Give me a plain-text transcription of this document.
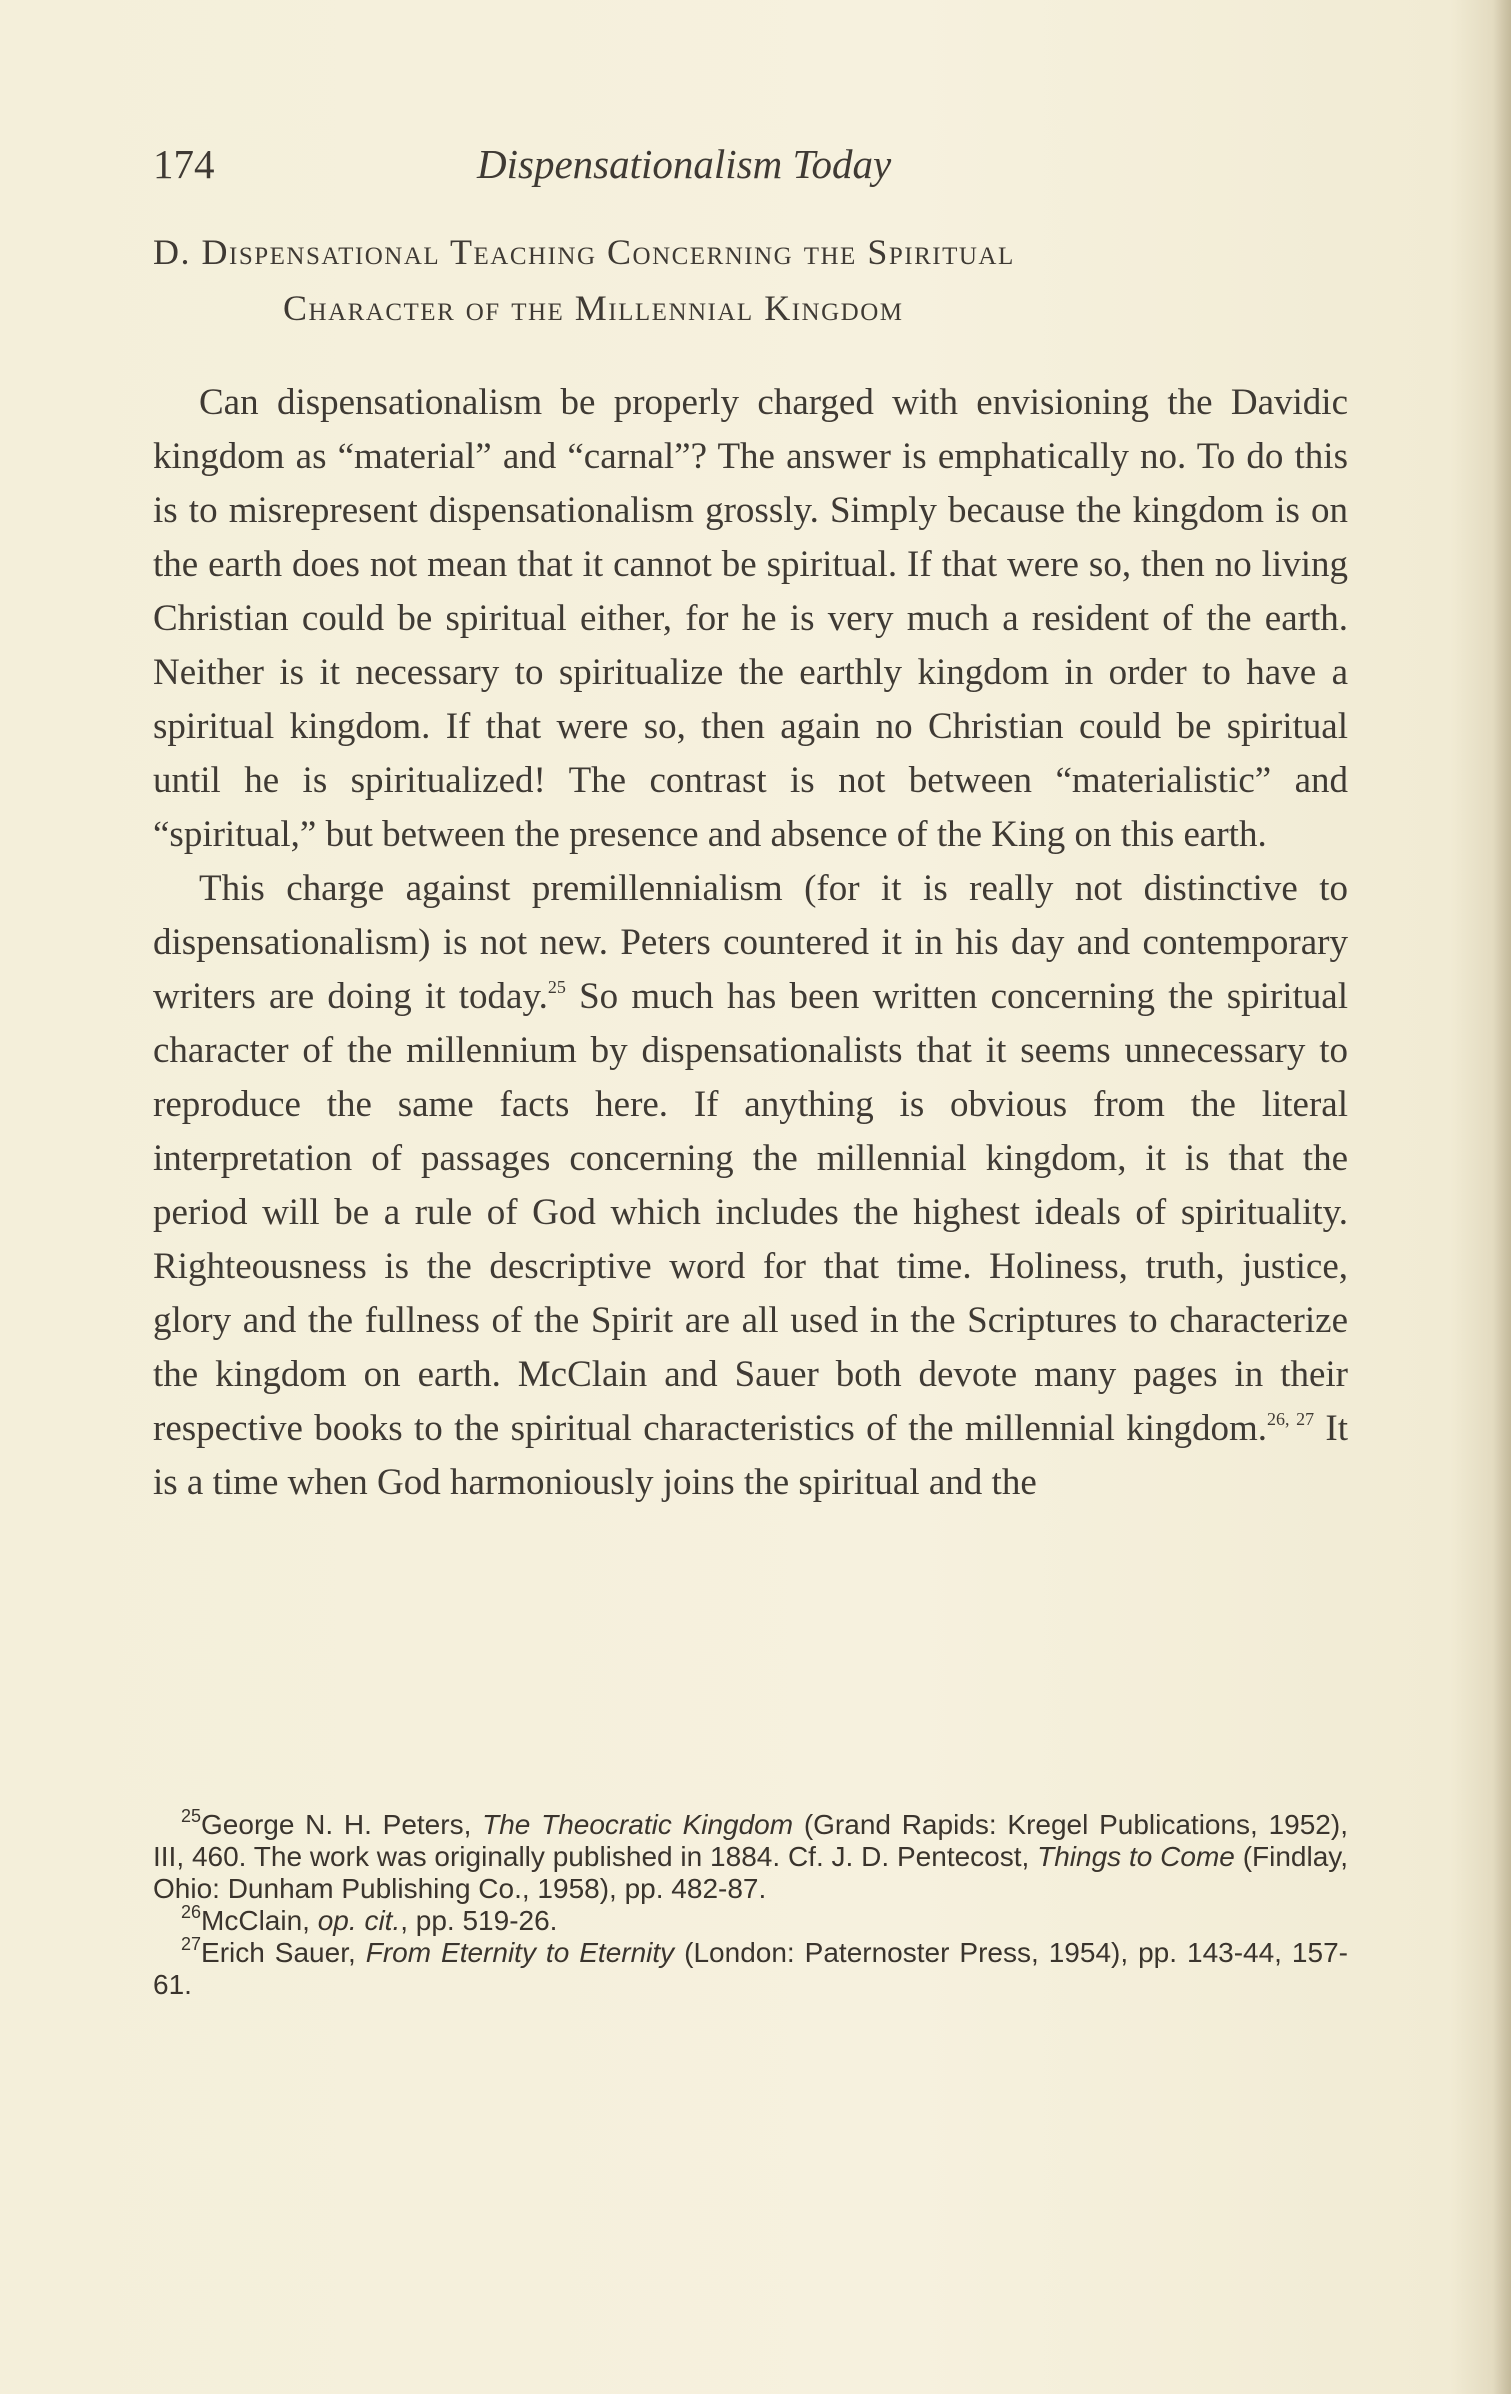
174	Dispensationalism Today
D. Dispensational Teaching Concerning the Spiritual
Character of the Millennial Kingdom

Can dispensationalism be properly charged with envisioning the Davidic kingdom as “material” and “carnal”? The answer is emphatically no. To do this is to misrepresent dispensationalism grossly. Simply because the kingdom is on the earth does not mean that it cannot be spiritual. If that were so, then no living Christian could be spiritual either, for he is very much a resident of the earth. Neither is it necessary to spiritualize the earthly kingdom in order to have a spiritual kingdom. If that were so, then again no Christian could be spiritual until he is spiritualized! The contrast is not between “materialistic” and “spiritual,” but between the presence and absence of the King on this earth.

This charge against premillennialism (for it is really not distinctive to dispensationalism) is not new. Peters countered it in his day and contemporary writers are doing it today.$^{25}$ So much has been written concerning the spiritual character of the millennium by dispensationalists that it seems unnecessary to reproduce the same facts here. If anything is obvious from the literal interpretation of passages concerning the millennial kingdom, it is that the period will be a rule of God which includes the highest ideals of spirituality. Righteousness is the descriptive word for that time. Holiness, truth, justice, glory and the fullness of the Spirit are all used in the Scriptures to characterize the kingdom on earth. McClain and Sauer both devote many pages in their respective books to the spiritual characteristics of the millennial kingdom.$^{26, 27}$ It is a time when God harmoniously joins the spiritual and the

$^{25}$George N. H. Peters, The Theocratic Kingdom (Grand Rapids: Kregel Publications, 1952), III, 460. The work was originally published in 1884. Cf. J. D. Pentecost, Things to Come (Findlay, Ohio: Dunham Publishing Co., 1958), pp. 482-87.

$^{26}$McClain, op. cit., pp. 519-26.

$^{27}$Erich Sauer, From Eternity to Eternity (London: Paternoster Press, 1954), pp. 143-44, 157-61.
